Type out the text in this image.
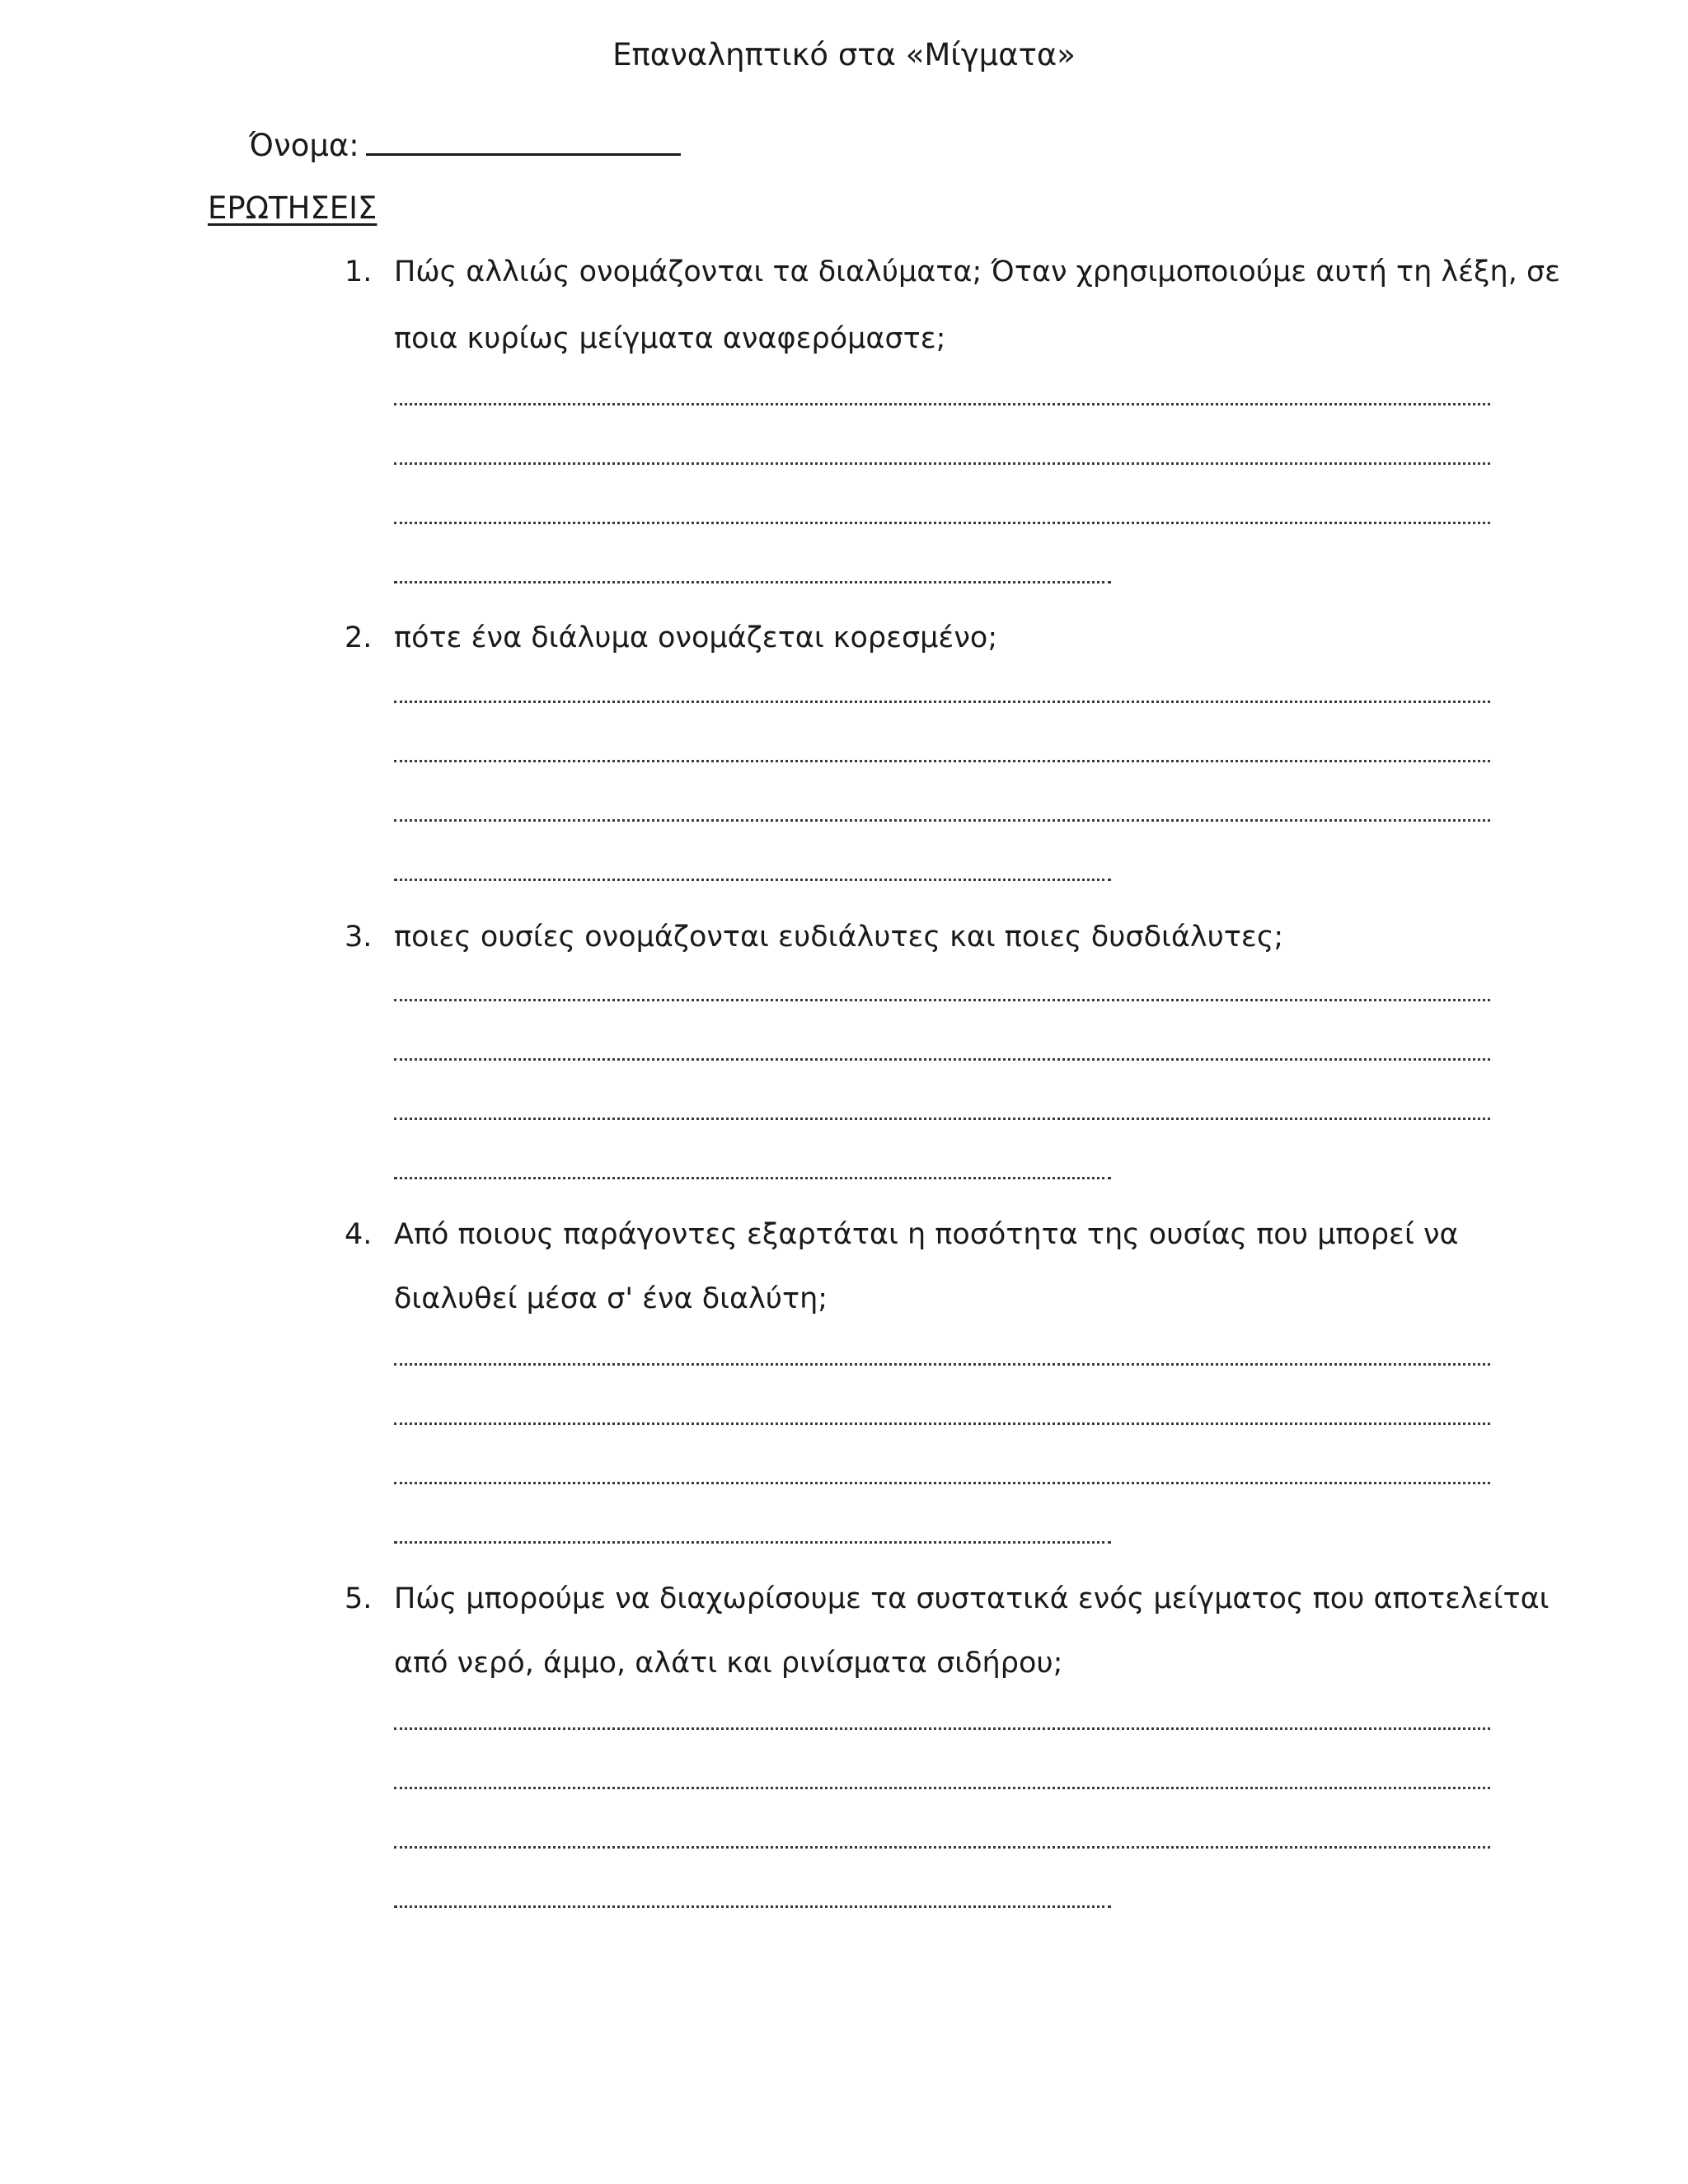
Επαναληπτικό στα «Μίγματα»
Όνομα:
ΕΡΩΤΗΣΕΙΣ
1. Πώς αλλιώς ονομάζονται τα διαλύματα; Όταν χρησιμοποιούμε αυτή τη λέξη, σε
ποια κυρίως μείγματα αναφερόμαστε;
2. πότε ένα διάλυμα ονομάζεται κορεσμένο;
3. ποιες ουσίες ονομάζονται ευδιάλυτες και ποιες δυσδιάλυτες;
4. Από ποιους παράγοντες εξαρτάται η ποσότητα της ουσίας που μπορεί να
διαλυθεί μέσα σ' ένα διαλύτη;
5. Πώς μπορούμε να διαχωρίσουμε τα συστατικά ενός μείγματος που αποτελείται
από νερό, άμμο, αλάτι και ρινίσματα σιδήρου;
